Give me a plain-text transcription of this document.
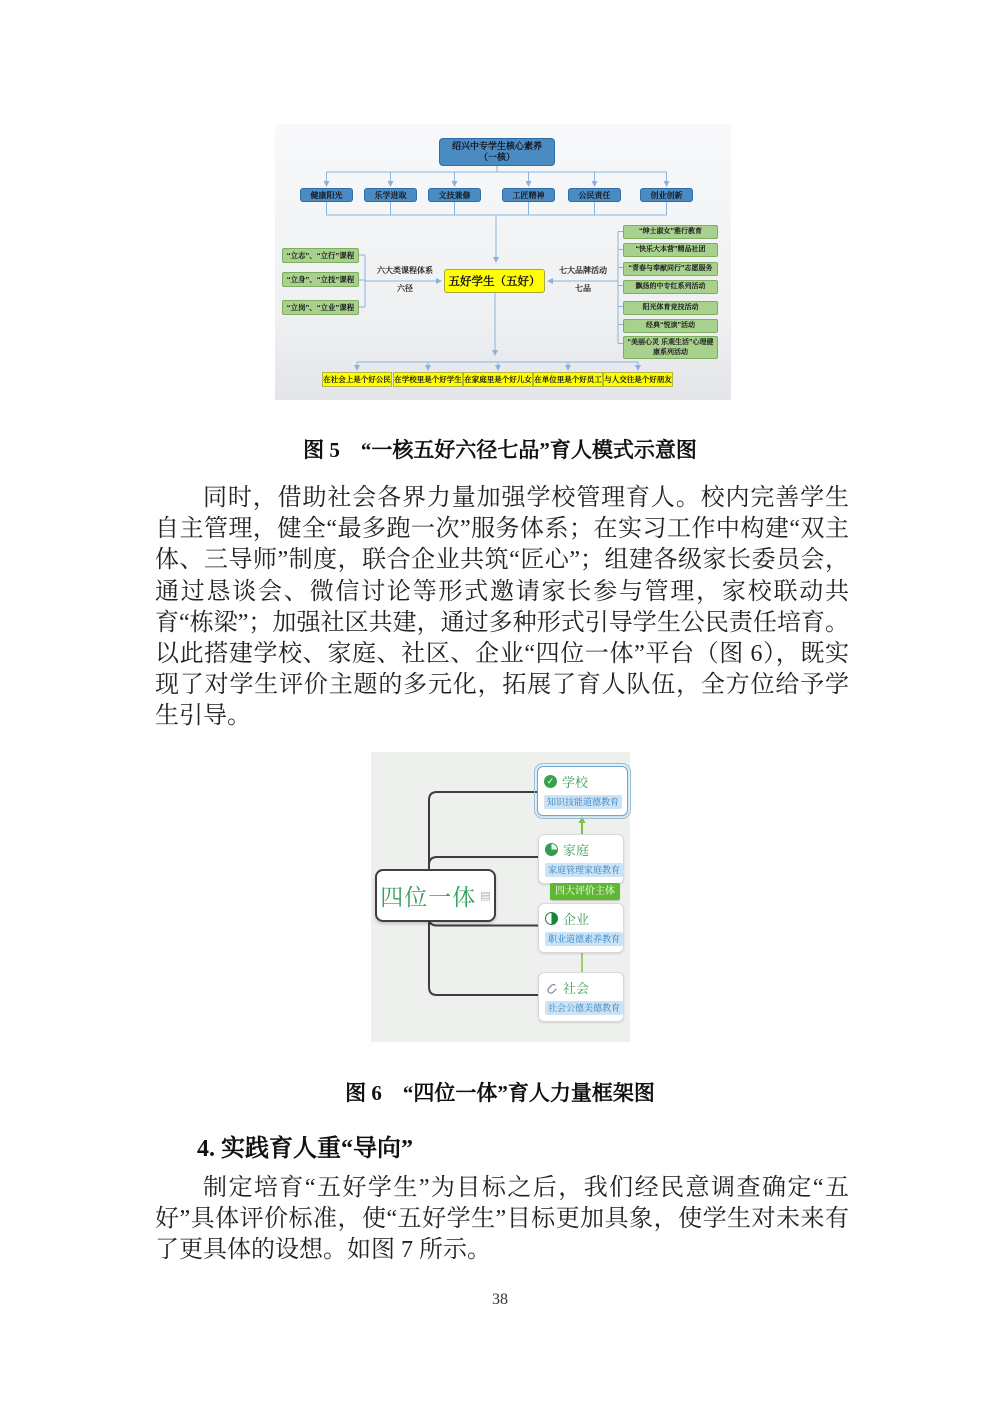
绍兴中专学生核心素养
（一核）
六大类课程体系
六径
五好学生（五好）
七大品牌活动
七品
健康阳光	乐学进取	文技兼修	工匠精神	公民责任	创业创新
“立志”、“立行”课程
“立身”、“立技”课程
“立岗”、“立业”课程
“绅士淑女”雅行教育
“快乐大本营”精品社团
“青春与奉献同行”志愿服务
飘扬的中专红系列活动
阳光体育竞技活动
经典“悦读”活动
“美丽心灵 乐观生活”心理健康系列活动
在社会上是个好公民 在学校里是个好学生 在家庭里是个好儿女 在单位里是个好员工 与人交往是个好朋友
图 5　“一核五好六径七品”育人模式示意图

同时，借助社会各界力量加强学校管理育人。校内完善学生自主管理，健全“最多跑一次”服务体系；在实习工作中构建“双主体、三导师”制度，联合企业共筑“匠心”；组建各级家长委员会，通过恳谈会、微信讨论等形式邀请家长参与管理，家校联动共育“栋梁”；加强社区共建，通过多种形式引导学生公民责任培育。以此搭建学校、家庭、社区、企业“四位一体”平台（图 6），既实现了对学生评价主题的多元化，拓展了育人队伍，全方位给予学生引导。

四位一体 ▤	四大评价主体
✓ 学校
知识技能道德教育
家庭
家庭管理家庭教育
企业
职业道德素养教育
社会
社会公德美德教育
图 6　“四位一体”育人力量框架图
4. 实践育人重“导向”

制定培育“五好学生”为目标之后，我们经民意调查确定“五好”具体评价标准，使“五好学生”目标更加具象，使学生对未来有了更具体的设想。如图 7 所示。

38
